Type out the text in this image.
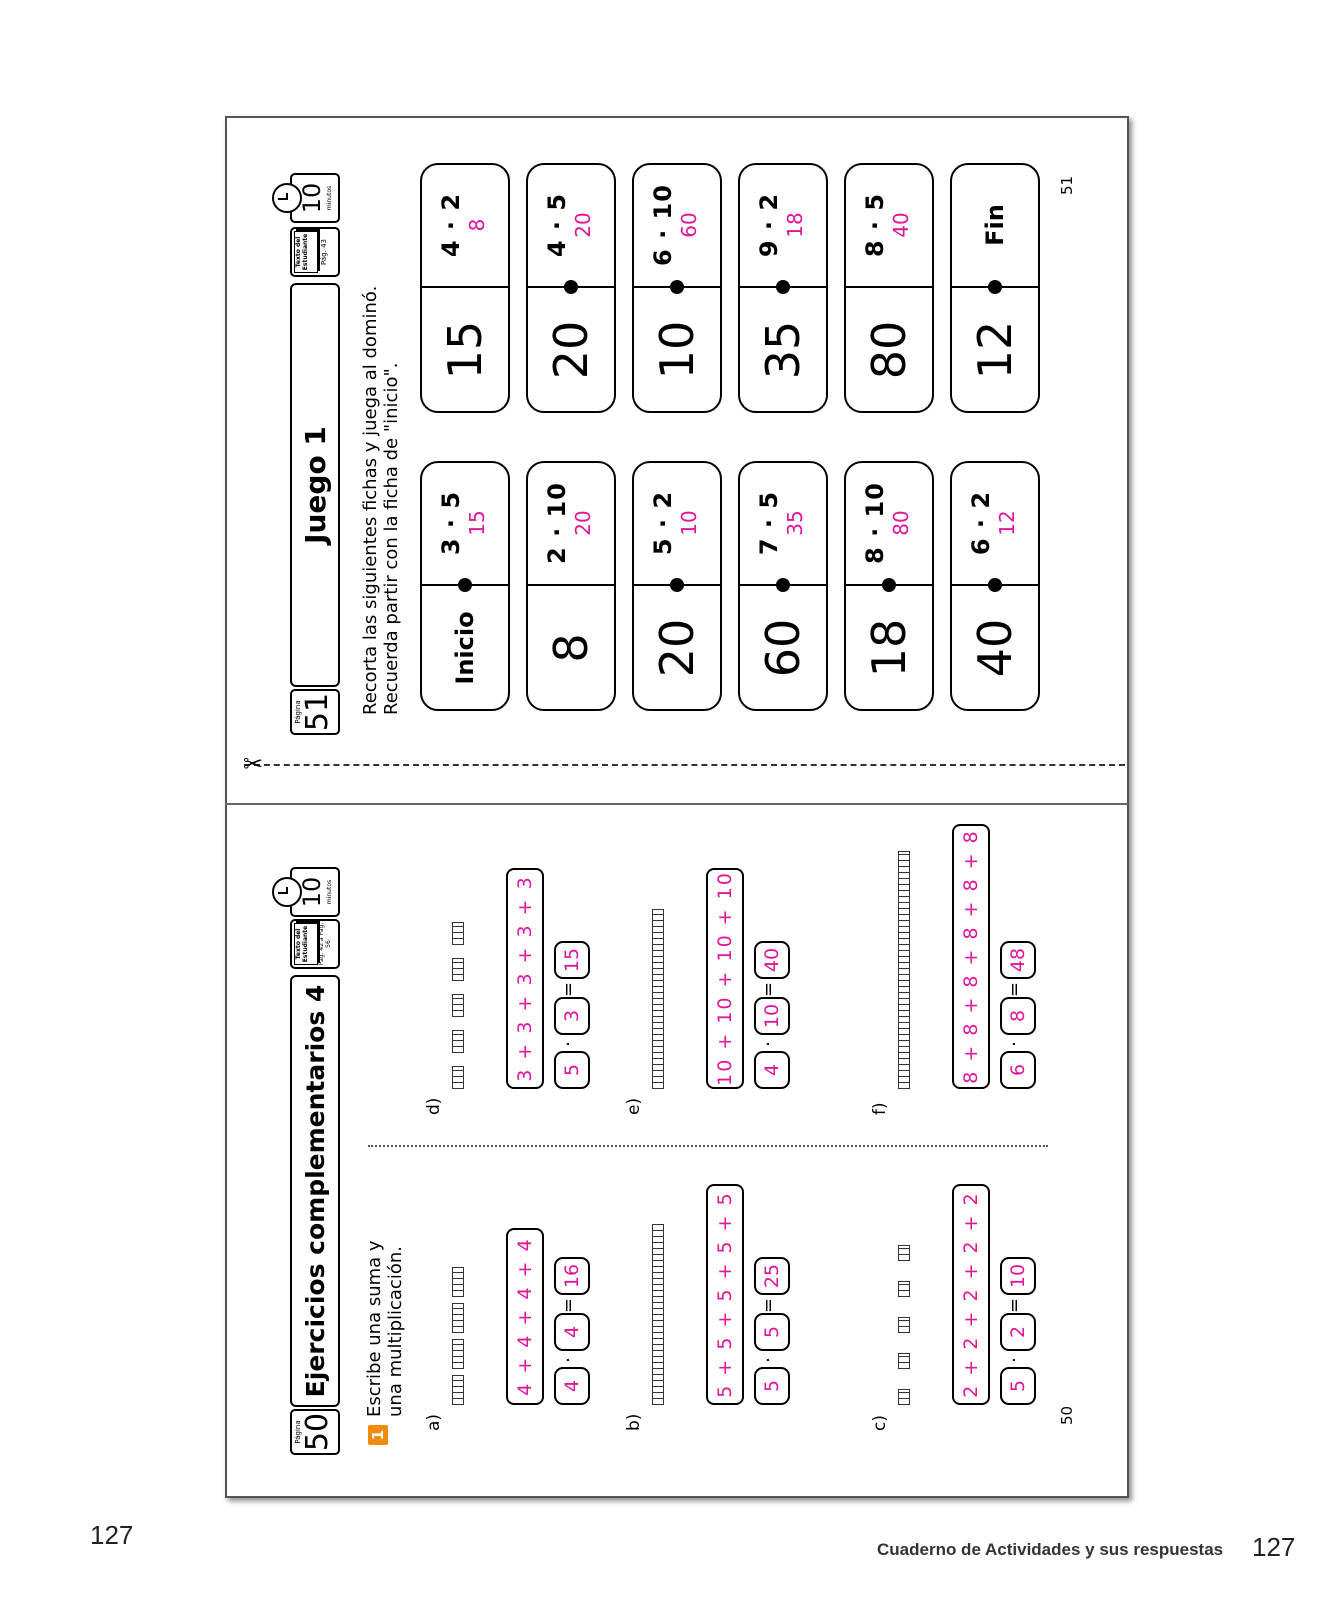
127	Cuaderno de Actividades y sus respuestas 127
✂
Página
51
Juego 1
Texto del Estudiante	Pág. 43
10 minutos
Recorta las siguientes fichas y juega al dominó. Recuerda partir con la ficha de "inicio".	Inicio
3 · 5 15
8
2 · 10 20
20
5 · 2 10
60
7 · 5 35
18
8 · 10 80
40
6 · 2 12
15
4 · 2 8
20
4 · 5 20
10
6 · 10 60
35
9 · 2 18
80
8 · 5 40
12
Fin
51
Página
50
Ejercicios complementarios 4
Texto del Estudiante	Pág. 42 a Pág. 56
10 minutos
1
Escribe una suma y una multiplicación.
a)
4 + 4 + 4 + 4	4
·
4
=
16
b)
5 + 5 + 5 + 5 + 5	5
·
5
=
25
c)
2 + 2 + 2 + 2 + 2	5
·
2
=
10
d)
3 + 3 + 3 + 3 + 3	5
·
3
=
15
e)
10 + 10 + 10 + 10	4
·
10
=
40
f)
8 + 8 + 8 + 8 + 8 + 8	6
·
8
=
48
50
